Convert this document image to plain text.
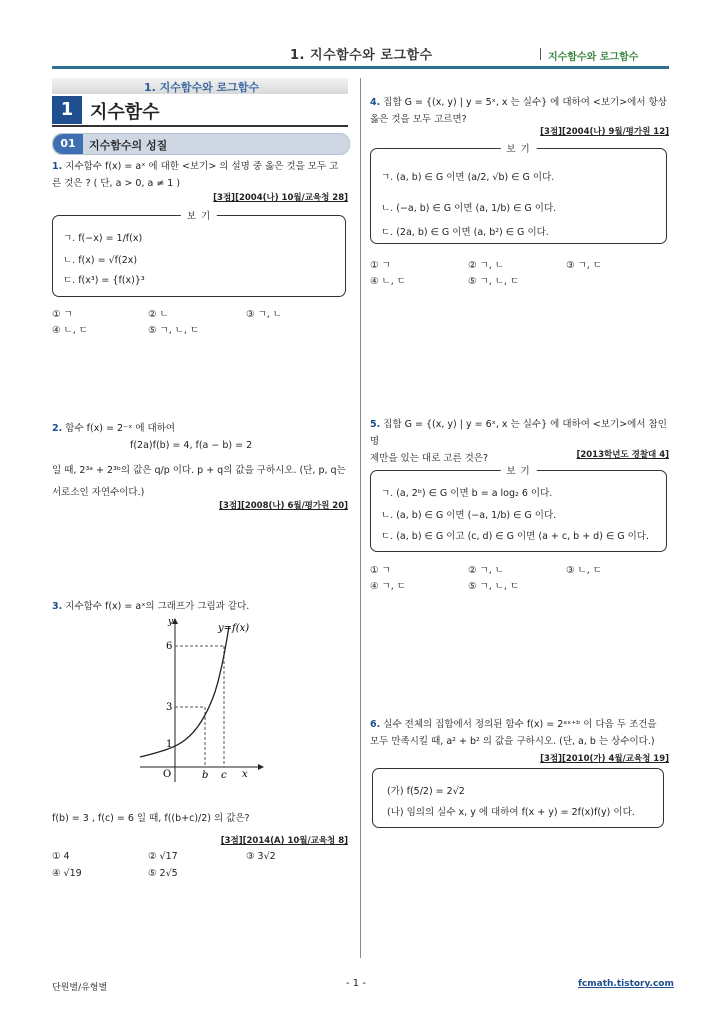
1. 지수함수와 로그함수	지수함수와 로그함수
1. 지수함수와 로그함수
1 지수함수
01	지수함수의 성질
1. 지수함수 f(x) = aˣ 에 대한 <보기> 의 설명 중 옳은 것을 모두 고
른 것은 ? ( 단, a > 0, a ≠ 1 )
[3점][2004(나) 10월/교육청 28]
보 기
ㄱ. f(−x) = 1/f(x)
ㄴ. f(x) = √f(2x)
ㄷ. f(x³) = {f(x)}³
① ㄱ	② ㄴ	③ ㄱ, ㄴ
④ ㄴ, ㄷ	⑤ ㄱ, ㄴ, ㄷ
2. 함수 f(x) = 2⁻ˣ 에 대하여
f(2a)f(b) = 4, f(a − b) = 2
일 때, 2³ᵃ + 2³ᵇ의 값은 q/p 이다. p + q의 값을 구하시오. (단, p, q는
서로소인 자연수이다.)
[3점][2008(나) 6월/평가원 20]
3. 지수함수 f(x) = aˣ의 그래프가 그림과 같다.
y=f(x)
y
x
O
1
3
6
b c
f(b) = 3 , f(c) = 6 일 때, f((b+c)/2) 의 값은?
[3점][2014(A) 10월/교육청 8]
① 4	② √17	③ 3√2
④ √19	⑤ 2√5
4. 집합 G = {(x, y) | y = 5ˣ, x 는 실수} 에 대하여 <보기>에서 항상
옳은 것을 모두 고르면?
[3점][2004(나) 9월/평가원 12]
보 기
ㄱ. (a, b) ∈ G 이면 (a/2, √b) ∈ G 이다.
ㄴ. (−a, b) ∈ G 이면 (a, 1/b) ∈ G 이다.
ㄷ. (2a, b) ∈ G 이면 (a, b²) ∈ G 이다.
① ㄱ	② ㄱ, ㄴ	③ ㄱ, ㄷ
④ ㄴ, ㄷ	⑤ ㄱ, ㄴ, ㄷ
5. 집합 G = {(x, y) | y = 6ˣ, x 는 실수} 에 대하여 <보기>에서 참인 명
제만을 있는 대로 고른 것은?	[2013학년도 경찰대 4]
보 기
ㄱ. (a, 2ᵇ) ∈ G 이면 b = a log₂ 6 이다.
ㄴ. (a, b) ∈ G 이면 (−a, 1/b) ∈ G 이다.
ㄷ. (a, b) ∈ G 이고 (c, d) ∈ G 이면 (a + c, b + d) ∈ G 이다.
① ㄱ	② ㄱ, ㄴ	③ ㄴ, ㄷ
④ ㄱ, ㄷ	⑤ ㄱ, ㄴ, ㄷ
6. 실수 전체의 집합에서 정의된 함수 f(x) = 2ᵃˣ⁺ᵇ 이 다음 두 조건을
모두 만족시킬 때, a² + b² 의 값을 구하시오. (단, a, b 는 상수이다.)
[3점][2010(가) 4월/교육청 19]
(가) f(5/2) = 2√2
(나) 임의의 실수 x, y 에 대하여 f(x + y) = 2f(x)f(y) 이다.
단원별/유형별	- 1 -	fcmath.tistory.com
